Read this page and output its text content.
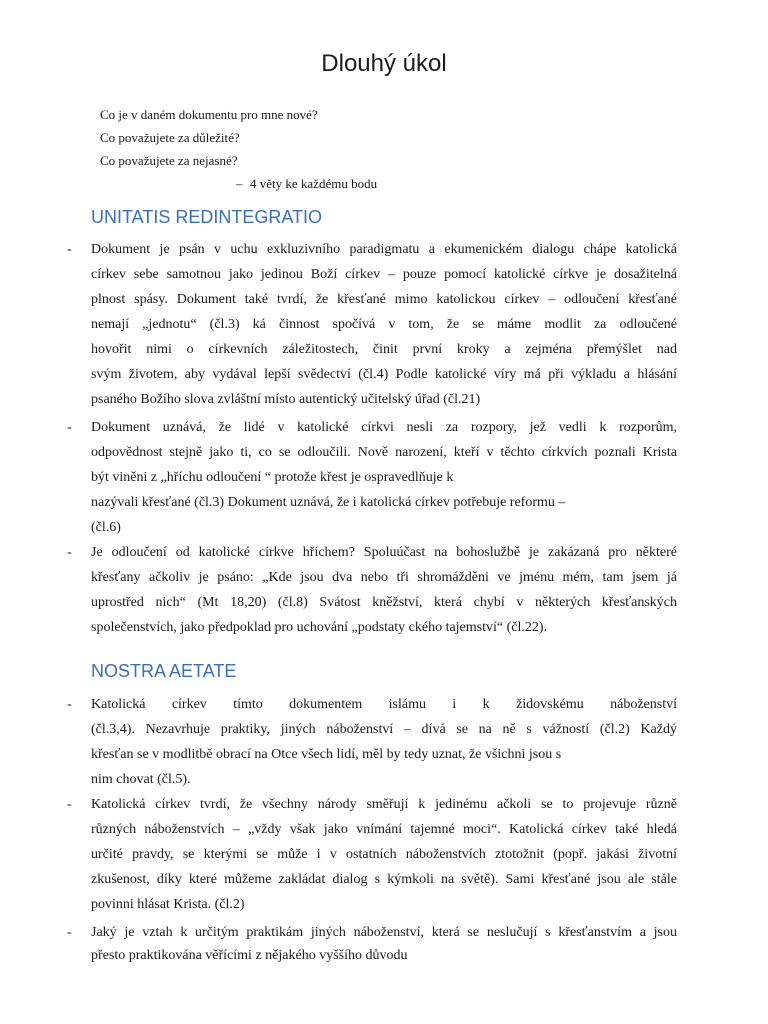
Dlouhý úkol
Co je v daném dokumentu pro mne nové?
Co považujete za důležité?
Co považujete za nejasné?
– 4 věty ke každému bodu
UNITATIS REDINTEGRATIO
- Dokument je psán v uchu exkluzivního paradigmatu a ekumenickém dialogu chápe katolická
církev sebe samotnou jako jedinou Boží církev – pouze pomocí katolické církve je dosažitelná
plnost spásy. Dokument také tvrdí, že křesťané mimo katolickou církev – odloučení křesťané
nemají „jednotu“ (čl.3) ká činnost spočívá v tom, že se máme modlit za odloučené
hovořit nimi o církevních záležitostech, činit první kroky a zejména přemýšlet nad
svým životem, aby vydával lepší svědectví (čl.4) Podle katolické víry má při výkladu a hlásání
psaného Božího slova zvláštní místo autentický učitelský úřad (čl.21)
- Dokument uznává, že lidé v katolické církvi nesli za rozpory, jež vedli k rozporům,
odpovědnost stejně jako ti, co se odloučili. Nově narození, kteří v těchto církvích poznali Krista
být viněni z „hříchu odloučení “ protože křest je ospravedlňuje k
nazývali křesťané (čl.3) Dokument uznává, že i katolická církev potřebuje reformu –
(čl.6)
- Je odloučení od katolické církve hříchem? Spoluúčast na bohoslužbě je zakázaná pro některé
křesťany ačkoliv je psáno: „Kde jsou dva nebo tři shromážděni ve jménu mém, tam jsem já
uprostřed nich“ (Mt 18,20) (čl.8) Svátost kněžství, která chybí v některých křesťanských
společenstvích, jako předpoklad pro uchování „podstaty ckého tajemství“ (čl.22).
NOSTRA AETATE
- Katolická církev tímto dokumentem islámu i k židovskému náboženství
(čl.3,4). Nezavrhuje praktiky, jiných náboženství – dívá se na ně s vážností (čl.2) Každý
křesťan se v modlitbě obrací na Otce všech lidí, měl by tedy uznat, že všichni jsou s
nim chovat (čl.5).
- Katolická církev tvrdí, že všechny národy směřují k jedinému ačkoli se to projevuje různě
různých náboženstvích – „vždy však jako vnímání tajemné moci“. Katolická církev také hledá
určité pravdy, se kterými se může i v ostatních náboženstvích ztotožnit (popř. jakási životní
zkušenost, díky které můžeme zakládat dialog s kýmkoli na světě). Sami křesťané jsou ale stále
povinni hlásat Krista. (čl.2)
- Jaký je vztah k určitým praktikám jiných náboženství, která se neslučují s křesťanstvím a jsou
přesto praktikována věřícími z nějakého vyššího důvodu
